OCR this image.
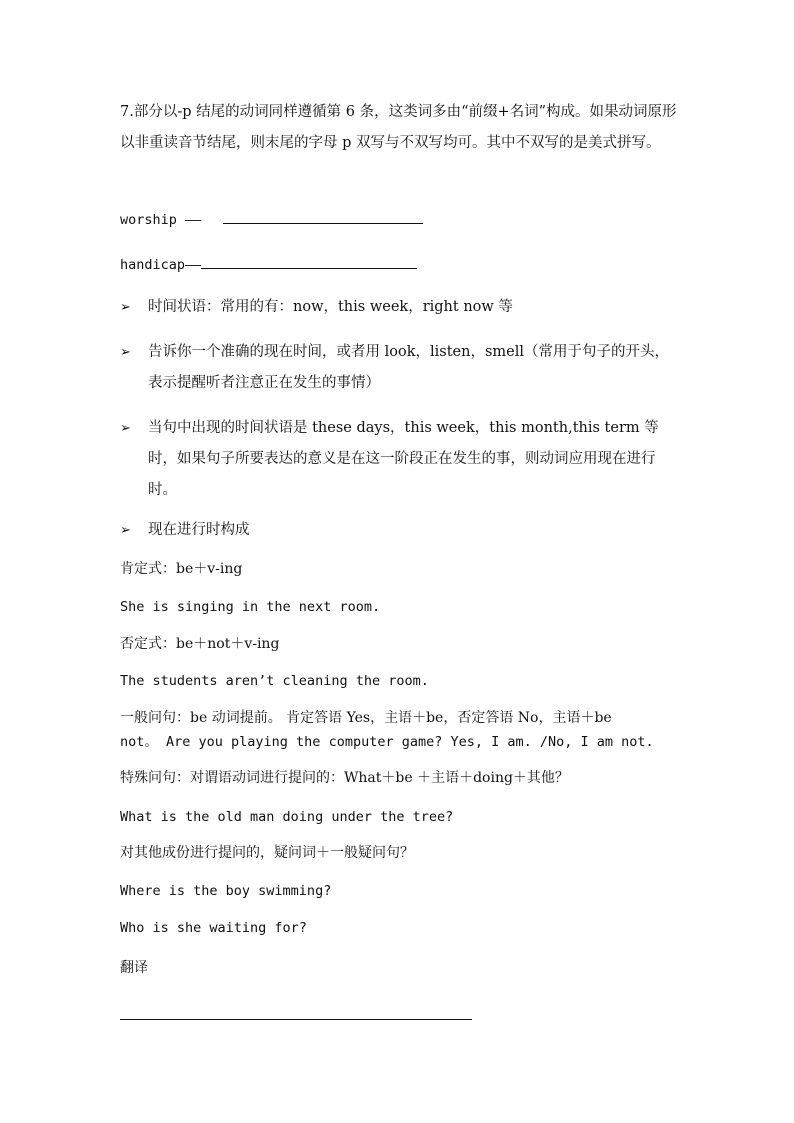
7.部分以-p 结尾的动词同样遵循第 6 条，这类词多由“前缀+名词”构成。如果动词原形以非重读音节结尾，则末尾的字母 p 双写与不双写均可。其中不双写的是美式拼写。
worship ——
handicap——
➢ 时间状语：常用的有：now，this week，right now 等
➢ 告诉你一个准确的现在时间，或者用 look，listen，smell（常用于句子的开头，表示提醒听者注意正在发生的事情）
➢ 当句中出现的时间状语是 these days，this week，this month,this term 等时，如果句子所要表达的意义是在这一阶段正在发生的事，则动词应用现在进行时。
➢ 现在进行时构成
肯定式：be＋v-ing
She is singing in the next room.
否定式：be＋not＋v-ing
The students aren’t cleaning the room.
一般问句：be 动词提前。 肯定答语 Yes，主语＋be，否定答语 No，主语＋be
not。 Are you playing the computer game? Yes, I am. /No, I am not.
特殊问句：对谓语动词进行提问的：What＋be ＋主语＋doing＋其他？
What is the old man doing under the tree?
对其他成份进行提问的，疑问词＋一般疑问句？
Where is the boy swimming?
Who is she waiting for?
翻译
